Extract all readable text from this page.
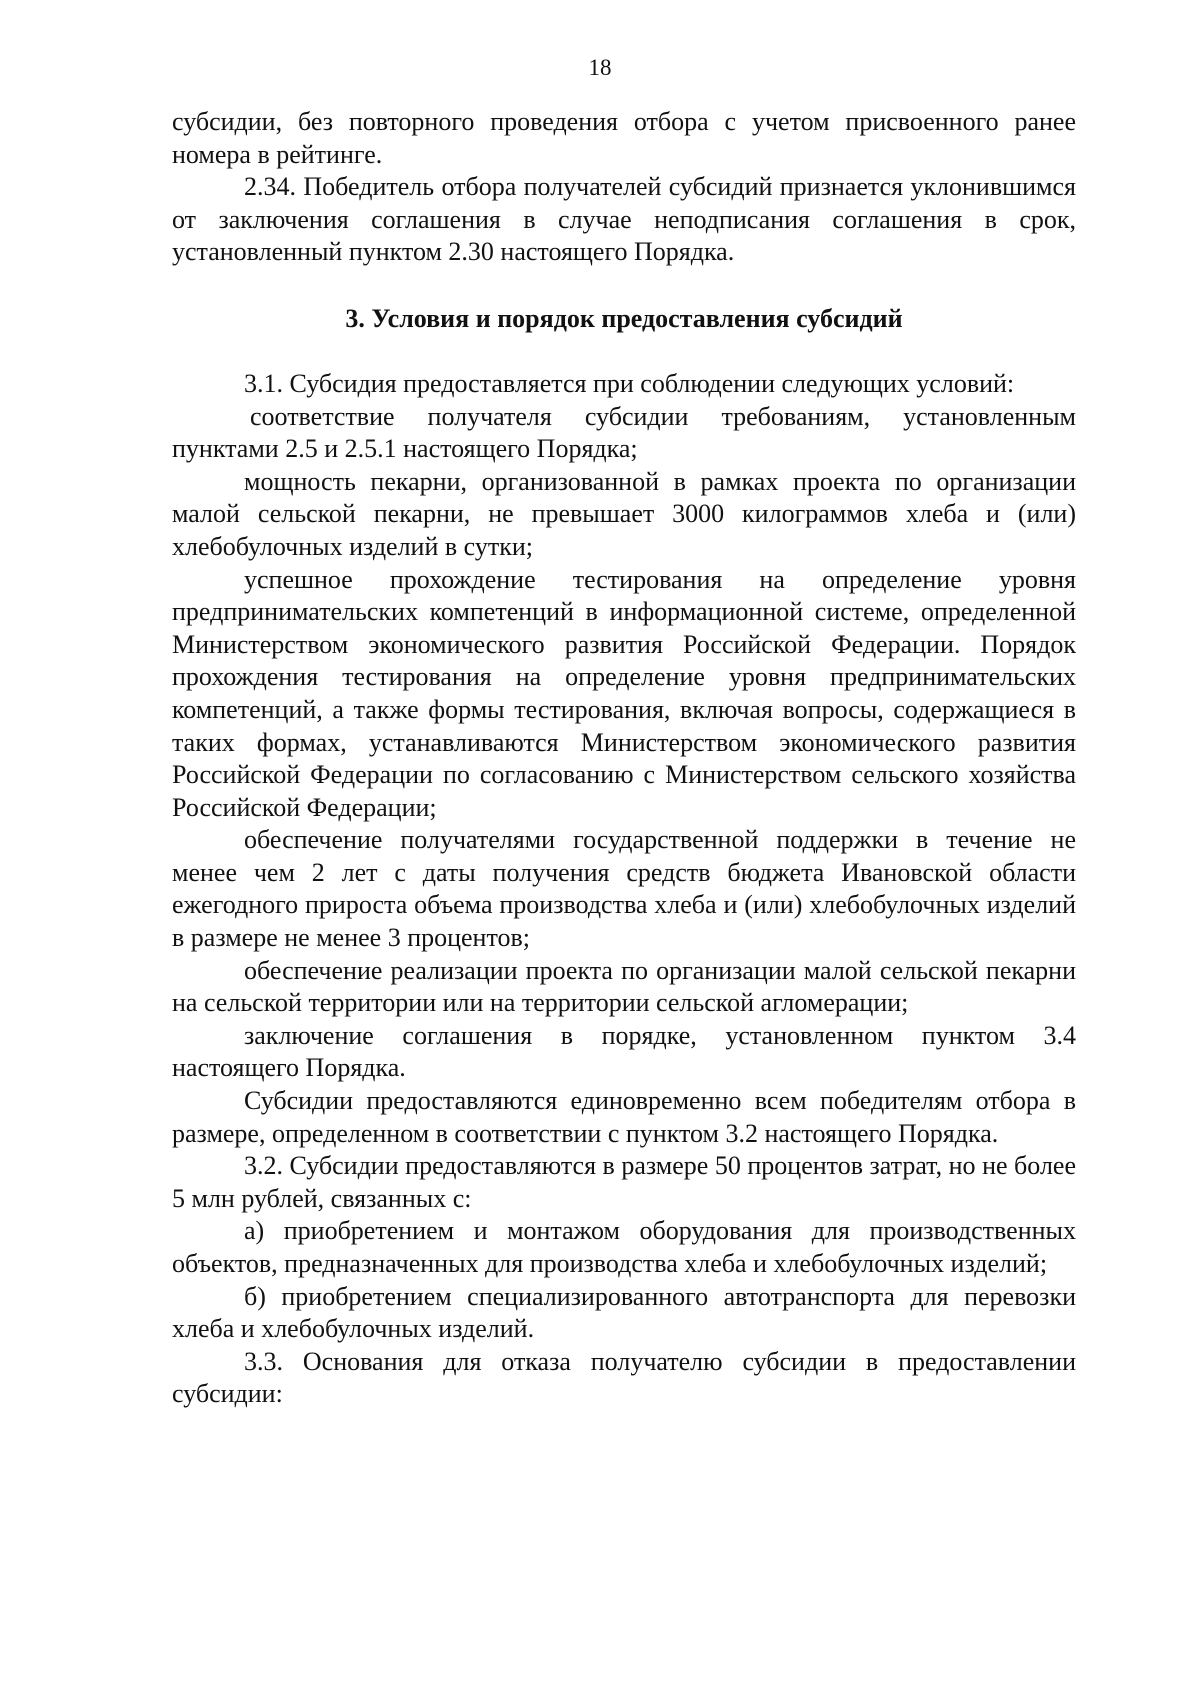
18

субсидии, без повторного проведения отбора с учетом присвоенного ранее номера в рейтинге.

2.34. Победитель отбора получателей субсидий признается уклонившимся от заключения соглашения в случае неподписания соглашения в срок, установленный пунктом 2.30 настоящего Порядка.

3. Условия и порядок предоставления субсидий

3.1. Субсидия предоставляется при соблюдении следующих условий:

соответствие получателя субсидии требованиям, установленным пунктами 2.5 и 2.5.1 настоящего Порядка;

мощность пекарни, организованной в рамках проекта по организации малой сельской пекарни, не превышает 3000 килограммов хлеба и (или) хлебобулочных изделий в сутки;

успешное прохождение тестирования на определение уровня предпринимательских компетенций в информационной системе, определенной Министерством экономического развития Российской Федерации. Порядок прохождения тестирования на определение уровня предпринимательских компетенций, а также формы тестирования, включая вопросы, содержащиеся в таких формах, устанавливаются Министерством экономического развития Российской Федерации по согласованию с Министерством сельского хозяйства Российской Федерации;

обеспечение получателями государственной поддержки в течение не менее чем 2 лет с даты получения средств бюджета Ивановской области ежегодного прироста объема производства хлеба и (или) хлебобулочных изделий в размере не менее 3 процентов;

обеспечение реализации проекта по организации малой сельской пекарни на сельской территории или на территории сельской агломерации;

заключение соглашения в порядке, установленном пунктом 3.4 настоящего Порядка.

Субсидии предоставляются единовременно всем победителям отбора в размере, определенном в соответствии с пунктом 3.2 настоящего Порядка.

3.2. Субсидии предоставляются в размере 50 процентов затрат, но не более 5 млн рублей, связанных с:

а) приобретением и монтажом оборудования для производственных объектов, предназначенных для производства хлеба и хлебобулочных изделий;

б) приобретением специализированного автотранспорта для перевозки хлеба и хлебобулочных изделий.

3.3. Основания для отказа получателю субсидии в предоставлении субсидии:
